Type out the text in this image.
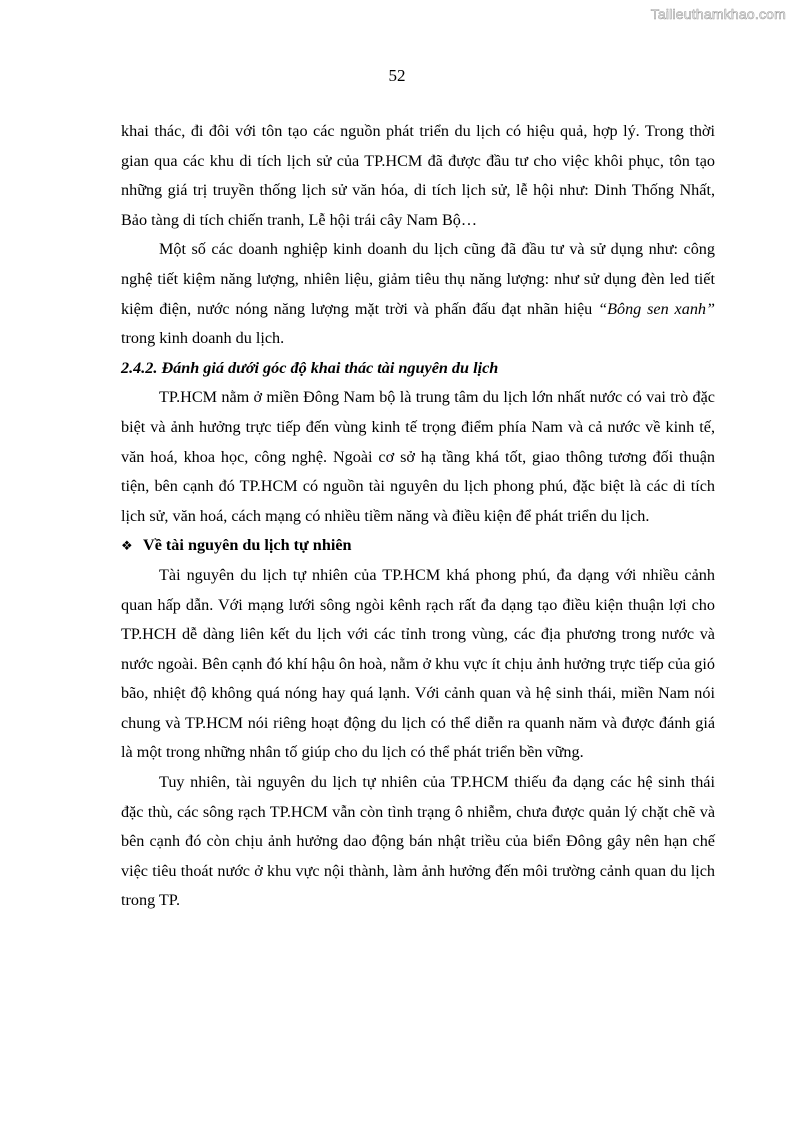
Tailieuthamkhao.com
52

khai thác, đi đôi với tôn tạo các nguồn phát triển du lịch có hiệu quả, hợp lý. Trong thời gian qua các khu di tích lịch sử của TP.HCM đã được đầu tư cho việc khôi phục, tôn tạo những giá trị truyền thống lịch sử văn hóa, di tích lịch sử, lễ hội như: Dinh Thống Nhất, Bảo tàng di tích chiến tranh, Lễ hội trái cây Nam Bộ…

Một số các doanh nghiệp kinh doanh du lịch cũng đã đầu tư và sử dụng như: công nghệ tiết kiệm năng lượng, nhiên liệu, giảm tiêu thụ năng lượng: như sử dụng đèn led tiết kiệm điện, nước nóng năng lượng mặt trời và phấn đấu đạt nhãn hiệu “Bông sen xanh” trong kinh doanh du lịch.

2.4.2. Đánh giá dưới góc độ khai thác tài nguyên du lịch

TP.HCM nằm ở miền Đông Nam bộ là trung tâm du lịch lớn nhất nước có vai trò đặc biệt và ảnh hưởng trực tiếp đến vùng kinh tế trọng điểm phía Nam và cả nước về kinh tế, văn hoá, khoa học, công nghệ. Ngoài cơ sở hạ tầng khá tốt, giao thông tương đối thuận tiện, bên cạnh đó TP.HCM có nguồn tài nguyên du lịch phong phú, đặc biệt là các di tích lịch sử, văn hoá, cách mạng có nhiều tiềm năng và điều kiện để phát triển du lịch.

❖ Về tài nguyên du lịch tự nhiên

Tài nguyên du lịch tự nhiên của TP.HCM khá phong phú, đa dạng với nhiều cảnh quan hấp dẫn. Với mạng lưới sông ngòi kênh rạch rất đa dạng tạo điều kiện thuận lợi cho TP.HCH dễ dàng liên kết du lịch với các tỉnh trong vùng, các địa phương trong nước và nước ngoài. Bên cạnh đó khí hậu ôn hoà, nằm ở khu vực ít chịu ảnh hưởng trực tiếp của gió bão, nhiệt độ không quá nóng hay quá lạnh. Với cảnh quan và hệ sinh thái, miền Nam nói chung và TP.HCM nói riêng hoạt động du lịch có thể diễn ra quanh năm và được đánh giá là một trong những nhân tố giúp cho du lịch có thể phát triển bền vững.

Tuy nhiên, tài nguyên du lịch tự nhiên của TP.HCM thiếu đa dạng các hệ sinh thái đặc thù, các sông rạch TP.HCM vẫn còn tình trạng ô nhiễm, chưa được quản lý chặt chẽ và bên cạnh đó còn chịu ảnh hưởng dao động bán nhật triều của biển Đông gây nên hạn chế việc tiêu thoát nước ở khu vực nội thành, làm ảnh hưởng đến môi trường cảnh quan du lịch trong TP.
